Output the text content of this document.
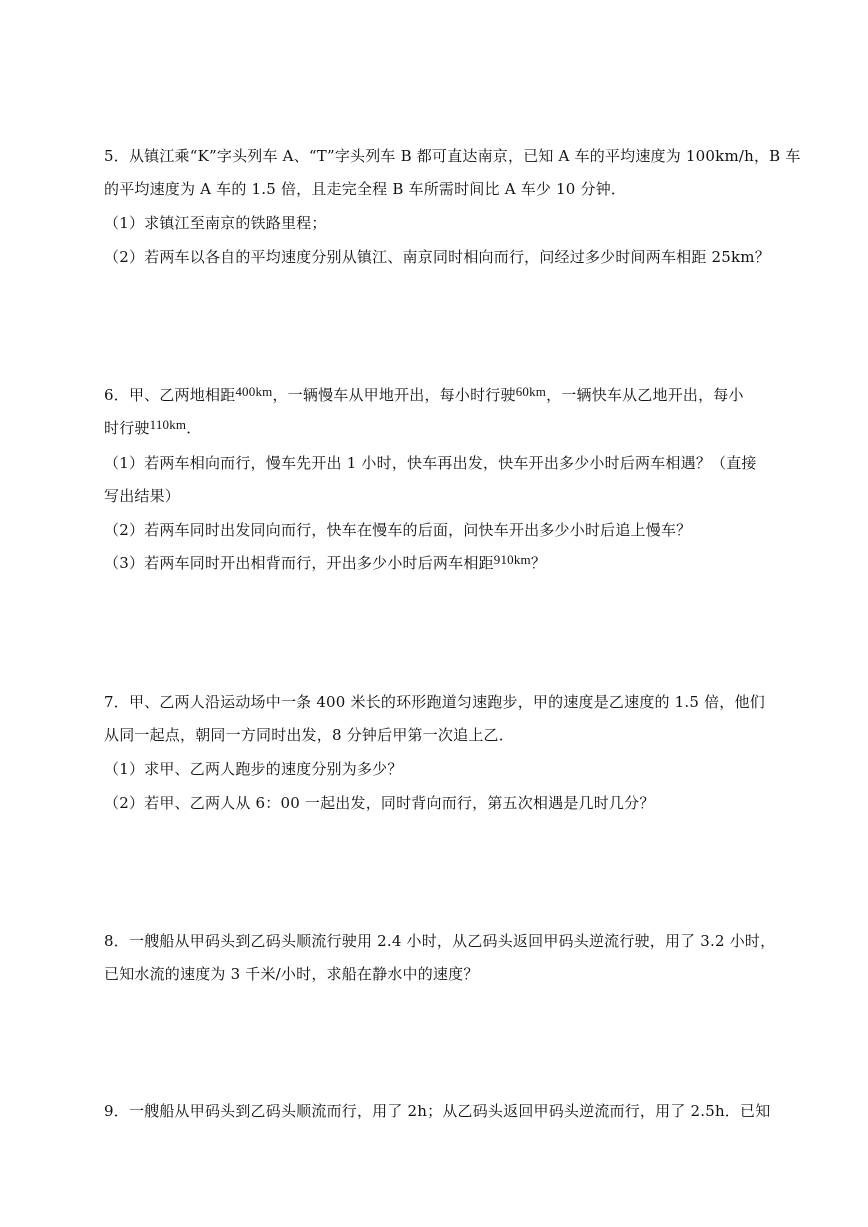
5．从镇江乘“K”字头列车 A、“T”字头列车 B 都可直达南京，已知 A 车的平均速度为 100km/h，B 车
的平均速度为 A 车的 1.5 倍，且走完全程 B 车所需时间比 A 车少 10 分钟．
（1）求镇江至南京的铁路里程；
（2）若两车以各自的平均速度分别从镇江、南京同时相向而行，问经过多少时间两车相距 25km？
6．甲、乙两地相距400km，一辆慢车从甲地开出，每小时行驶60km，一辆快车从乙地开出，每小
时行驶110km．
（1）若两车相向而行，慢车先开出 1 小时，快车再出发，快车开出多少小时后两车相遇？（直接
写出结果）
（2）若两车同时出发同向而行，快车在慢车的后面，问快车开出多少小时后追上慢车？
（3）若两车同时开出相背而行，开出多少小时后两车相距910km？
7．甲、乙两人沿运动场中一条 400 米长的环形跑道匀速跑步，甲的速度是乙速度的 1.5 倍，他们
从同一起点，朝同一方同时出发，8 分钟后甲第一次追上乙．
（1）求甲、乙两人跑步的速度分别为多少？
（2）若甲、乙两人从 6：00 一起出发，同时背向而行，第五次相遇是几时几分？
8．一艘船从甲码头到乙码头顺流行驶用 2.4 小时，从乙码头返回甲码头逆流行驶，用了 3.2 小时，
已知水流的速度为 3 千米/小时，求船在静水中的速度？
9．一艘船从甲码头到乙码头顺流而行，用了 2h；从乙码头返回甲码头逆流而行，用了 2.5h．已知
